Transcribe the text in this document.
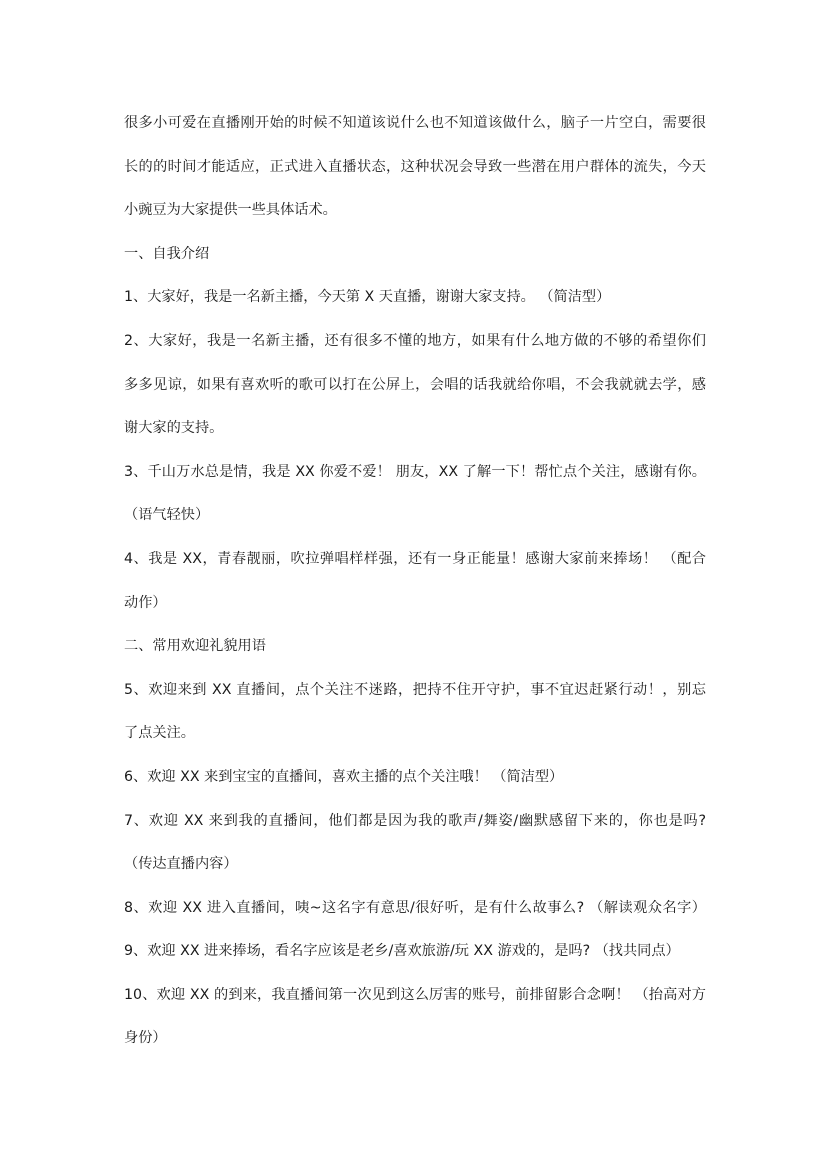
很多小可爱在直播刚开始的时候不知道该说什么也不知道该做什么，脑子一片空白，需要很
长的的时间才能适应，正式进入直播状态，这种状况会导致一些潜在用户群体的流失，今天
小豌豆为大家提供一些具体话术。
一、自我介绍
1、大家好，我是一名新主播，今天第 X 天直播，谢谢大家支持。 （简洁型）
2、大家好，我是一名新主播，还有很多不懂的地方，如果有什么地方做的不够的希望你们
多多见谅，如果有喜欢听的歌可以打在公屏上，会唱的话我就给你唱，不会我就就去学，感
谢大家的支持。
3、千山万水总是情，我是 XX 你爱不爱！ 朋友，XX 了解一下！帮忙点个关注，感谢有你。
（语气轻快）
4、我是 XX，青春靓丽，吹拉弹唱样样强，还有一身正能量！感谢大家前来捧场！ （配合
动作）
二、常用欢迎礼貌用语
5、欢迎来到 XX 直播间，点个关注不迷路，把持不住开守护，事不宜迟赶紧行动！，别忘
了点关注。
6、欢迎 XX 来到宝宝的直播间，喜欢主播的点个关注哦！ （简洁型）
7、欢迎 XX 来到我的直播间，他们都是因为我的歌声/舞姿/幽默感留下来的，你也是吗?
（传达直播内容）
8、欢迎 XX 进入直播间，咦~这名字有意思/很好听，是有什么故事么? （解读观众名字）
9、欢迎 XX 进来捧场，看名字应该是老乡/喜欢旅游/玩 XX 游戏的，是吗? （找共同点）
10、欢迎 XX 的到来，我直播间第一次见到这么厉害的账号，前排留影合念啊！ （抬高对方
身份）
